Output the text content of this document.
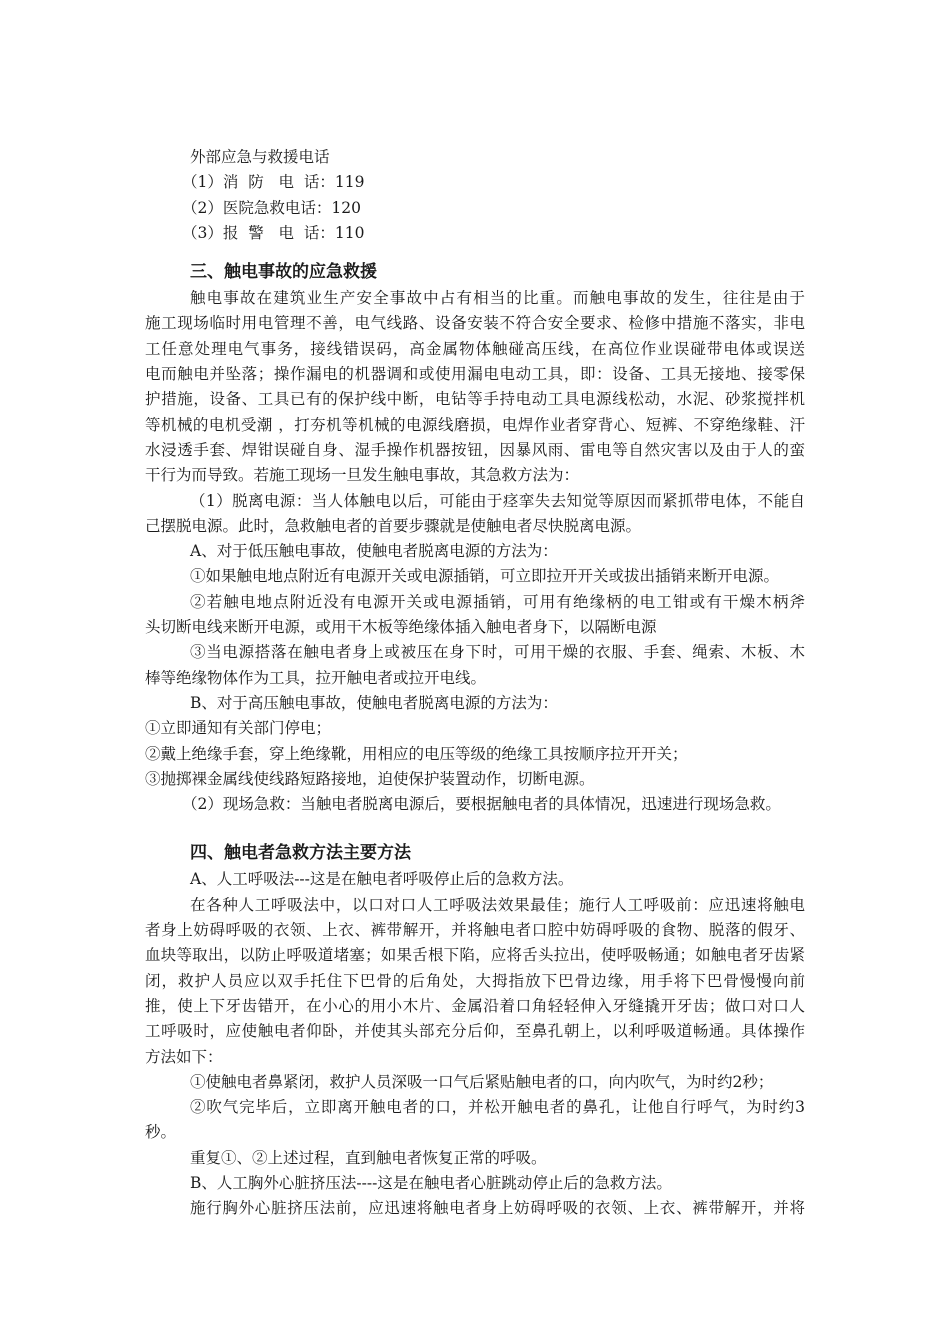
外部应急与救援电话

（1）消  防   电  话：119

（2）医院急救电话：120

（3）报  警   电  话：110

三、触电事故的应急救援

触电事故在建筑业生产安全事故中占有相当的比重。而触电事故的发生，往往是由于

施工现场临时用电管理不善，电气线路、设备安装不符合安全要求、检修中措施不落实，非电

工任意处理电气事务，接线错误码，高金属物体触碰高压线，在高位作业误碰带电体或误送

电而触电并坠落；操作漏电的机器调和或使用漏电电动工具，即：设备、工具无接地、接零保

护措施，设备、工具已有的保护线中断，电钻等手持电动工具电源线松动，水泥、砂浆搅拌机

等机械的电机受潮 ，打夯机等机械的电源线磨损，电焊作业者穿背心、短裤、不穿绝缘鞋、汗

水浸透手套、焊钳误碰自身、湿手操作机器按钮，因暴风雨、雷电等自然灾害以及由于人的蛮

干行为而导致。若施工现场一旦发生触电事故，其急救方法为：

（1）脱离电源：当人体触电以后，可能由于痉挛失去知觉等原因而紧抓带电体，不能自

己摆脱电源。此时，急救触电者的首要步骤就是使触电者尽快脱离电源。

A、对于低压触电事故，使触电者脱离电源的方法为：

①如果触电地点附近有电源开关或电源插销，可立即拉开开关或拔出插销来断开电源。

②若触电地点附近没有电源开关或电源插销，可用有绝缘柄的电工钳或有干燥木柄斧

头切断电线来断开电源，或用干木板等绝缘体插入触电者身下，以隔断电源

③当电源搭落在触电者身上或被压在身下时，可用干燥的衣服、手套、绳索、木板、木

棒等绝缘物体作为工具，拉开触电者或拉开电线。

B、对于高压触电事故，使触电者脱离电源的方法为：

①立即通知有关部门停电；

②戴上绝缘手套，穿上绝缘靴，用相应的电压等级的绝缘工具按顺序拉开开关；

③抛掷裸金属线使线路短路接地，迫使保护装置动作，切断电源。

（2）现场急救：当触电者脱离电源后，要根据触电者的具体情况，迅速进行现场急救。

四、触电者急救方法主要方法

A、人工呼吸法---这是在触电者呼吸停止后的急救方法。

在各种人工呼吸法中，以口对口人工呼吸法效果最佳；施行人工呼吸前：应迅速将触电

者身上妨碍呼吸的衣领、上衣、裤带解开，并将触电者口腔中妨碍呼吸的食物、脱落的假牙、

血块等取出，以防止呼吸道堵塞；如果舌根下陷，应将舌头拉出，使呼吸畅通；如触电者牙齿紧

闭，救护人员应以双手托住下巴骨的后角处，大拇指放下巴骨边缘，用手将下巴骨慢慢向前

推，使上下牙齿错开，在小心的用小木片、金属沿着口角轻轻伸入牙缝撬开牙齿；做口对口人

工呼吸时，应使触电者仰卧，并使其头部充分后仰，至鼻孔朝上，以利呼吸道畅通。具体操作

方法如下：

①使触电者鼻紧闭，救护人员深吸一口气后紧贴触电者的口，向内吹气，为时约2秒；

②吹气完毕后，立即离开触电者的口，并松开触电者的鼻孔，让他自行呼气，为时约3

秒。

重复①、②上述过程，直到触电者恢复正常的呼吸。

B、人工胸外心脏挤压法----这是在触电者心脏跳动停止后的急救方法。

施行胸外心脏挤压法前，应迅速将触电者身上妨碍呼吸的衣领、上衣、裤带解开，并将
